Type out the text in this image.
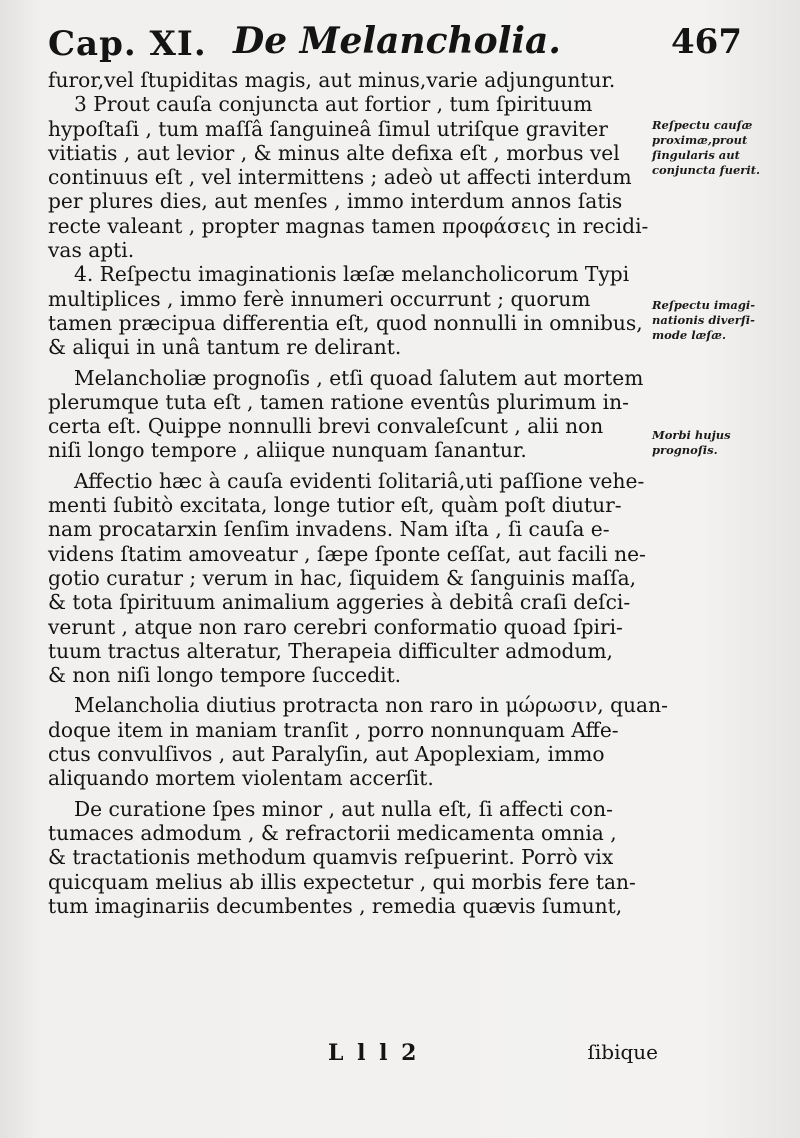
Cap. XI. De Melancholia.	467
furor,vel ſtupiditas magis, aut minus,varie adjunguntur.
3 Prout cauſa conjuncta aut fortior , tum ſpirituum
hypoſtaſi , tum maſſâ ſanguineâ ſimul utriſque graviter
vitiatis , aut levior , & minus alte defixa eſt , morbus vel
continuus eſt , vel intermittens ; adeò ut affecti interdum
per plures dies, aut menſes , immo interdum annos ſatis
recte valeant , propter magnas tamen προφάσεις in recidi-
vas apti.
4. Reſpectu imaginationis læſæ melancholicorum Typi
multiplices , immo ferè innumeri occurrunt ; quorum
tamen præcipua differentia eſt, quod nonnulli in omnibus,
& aliqui in unâ tantum re delirant.
Melancholiæ prognoſis , etſi quoad ſalutem aut mortem
plerumque tuta eſt , tamen ratione eventûs plurimum in-
certa eſt. Quippe nonnulli brevi convaleſcunt , alii non
niſi longo tempore , aliique nunquam ſanantur.
Affectio hæc à cauſa evidenti ſolitariâ,uti paſſione vehe-
menti ſubitò excitata, longe tutior eſt, quàm poſt diutur-
nam procatarxin ſenſim invadens. Nam iſta , ſi cauſa e-
videns ſtatim amoveatur , ſæpe ſponte ceſſat, aut facili ne-
gotio curatur ; verum in hac, ſiquidem & ſanguinis maſſa,
& tota ſpirituum animalium aggeries à debitâ craſi deſci-
verunt , atque non raro cerebri conformatio quoad ſpiri-
tuum tractus alteratur, Therapeia difficulter admodum,
& non niſi longo tempore ſuccedit.
Melancholia diutius protracta non raro in μώρωσιν, quan-
doque item in maniam tranſit , porro nonnunquam Affe-
ctus convulſivos , aut Paralyſin, aut Apoplexiam, immo
aliquando mortem violentam accerſit.
De curatione ſpes minor , aut nulla eſt, ſi affecti con-
tumaces admodum , & refractorii medicamenta omnia ,
& tractationis methodum quamvis reſpuerint. Porrò vix
quicquam melius ab illis expectetur , qui morbis fere tan-
tum imaginariis decumbentes , remedia quævis ſumunt,
Reſpectu cauſæ
proximæ,prout
ſingularis aut
conjuncta fuerit.
Reſpectu imagi-
nationis diverſi-
mode læſæ.
Morbi hujus
prognoſis.
L l l 2	ſibique
